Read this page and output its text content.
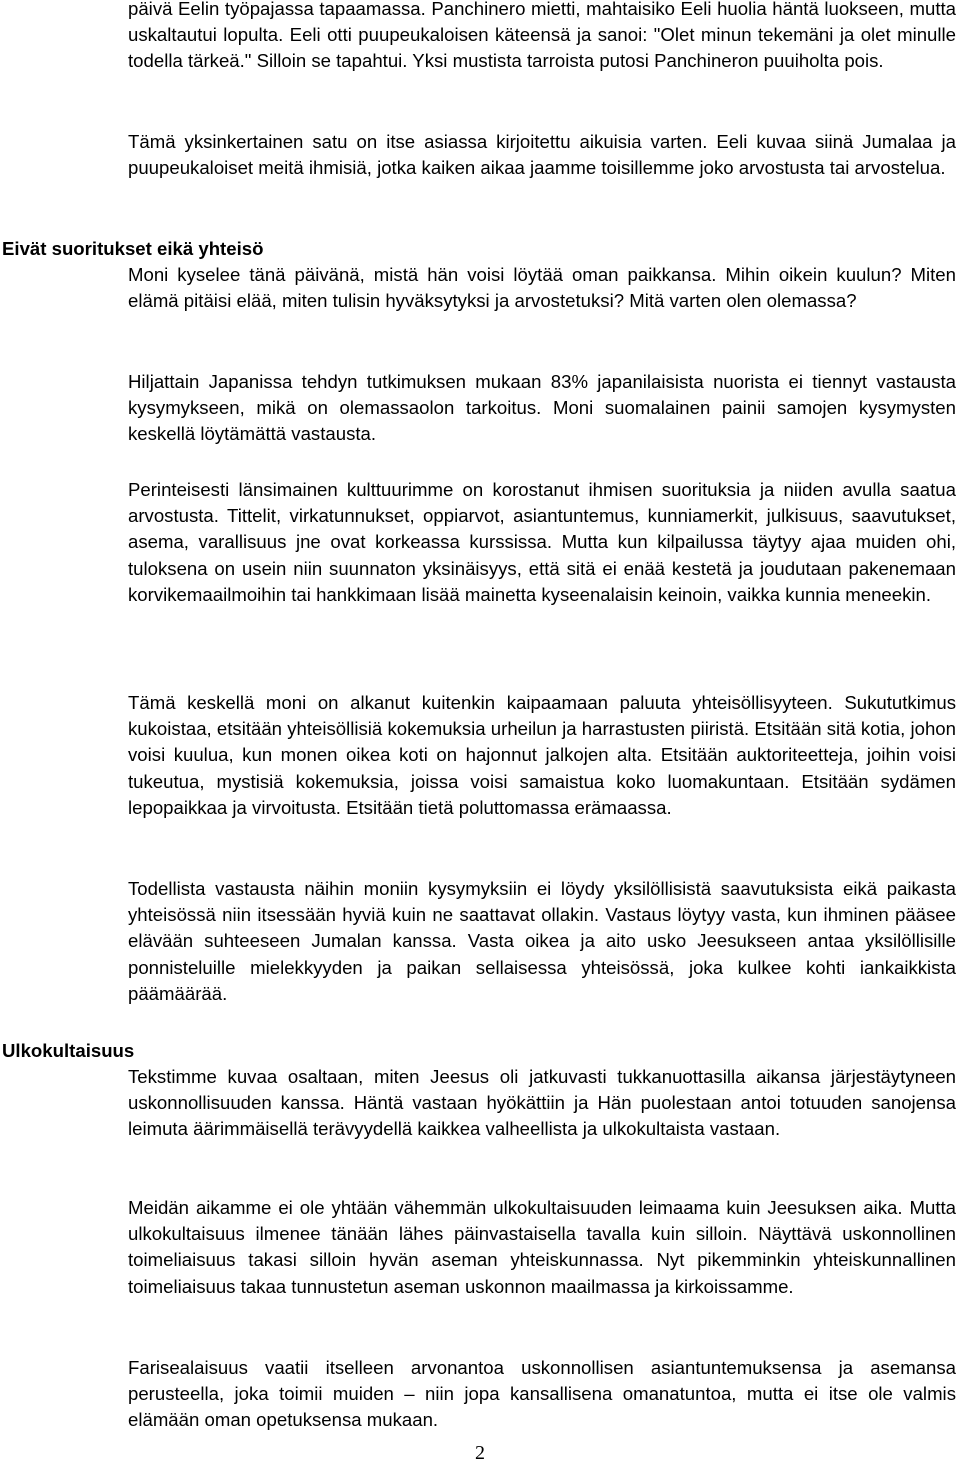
päivä Eelin työpajassa tapaamassa. Panchinero mietti, mahtaisiko Eeli huolia häntä luokseen, mutta uskaltautui lopulta. Eeli otti puupeukaloisen käteensä ja sanoi: "Olet minun tekemäni ja olet minulle todella tärkeä." Silloin se tapahtui. Yksi mustista tarroista putosi Panchineron puuiholta pois.

Tämä yksinkertainen satu on itse asiassa kirjoitettu aikuisia varten. Eeli kuvaa siinä Jumalaa ja puupeukaloiset meitä ihmisiä, jotka kaiken aikaa jaamme toisillemme joko arvostusta tai arvostelua.

Eivät suoritukset eikä yhteisö

Moni kyselee tänä päivänä, mistä hän voisi löytää oman paikkansa. Mihin oikein kuulun? Miten elämä pitäisi elää, miten tulisin hyväksytyksi ja arvostetuksi? Mitä varten olen olemassa?

Hiljattain Japanissa tehdyn tutkimuksen mukaan 83% japanilaisista nuorista ei tiennyt vastausta kysymykseen, mikä on olemassaolon tarkoitus. Moni suomalainen painii samojen kysymysten keskellä löytämättä vastausta.

Perinteisesti länsimainen kulttuurimme on korostanut ihmisen suorituksia ja niiden avulla saatua arvostusta. Tittelit, virkatunnukset, oppiarvot, asiantuntemus, kunniamerkit, julkisuus, saavutukset, asema, varallisuus jne ovat korkeassa kurssissa. Mutta kun kilpailussa täytyy ajaa muiden ohi, tuloksena on usein niin suunnaton yksinäisyys, että sitä ei enää kestetä ja joudutaan pakenemaan korvikemaailmoihin tai hankkimaan lisää mainetta kyseenalaisin keinoin, vaikka kunnia meneekin.

Tämä keskellä moni on alkanut kuitenkin kaipaamaan paluuta yhteisöllisyyteen. Sukututkimus kukoistaa, etsitään yhteisöllisiä kokemuksia urheilun ja harrastusten piiristä. Etsitään sitä kotia, johon voisi kuulua, kun monen oikea koti on hajonnut jalkojen alta. Etsitään auktoriteetteja, joihin voisi tukeutua, mystisiä kokemuksia, joissa voisi samaistua koko luomakuntaan. Etsitään sydämen lepopaikkaa ja virvoitusta. Etsitään tietä poluttomassa erämaassa.

Todellista vastausta näihin moniin kysymyksiin ei löydy yksilöllisistä saavutuksista eikä paikasta yhteisössä niin itsessään hyviä kuin ne saattavat ollakin. Vastaus löytyy vasta, kun ihminen pääsee elävään suhteeseen Jumalan kanssa. Vasta oikea ja aito usko Jeesukseen antaa yksilöllisille ponnisteluille mielekkyyden ja paikan sellaisessa yhteisössä, joka kulkee kohti iankaikkista päämäärää.

Ulkokultaisuus

Tekstimme kuvaa osaltaan, miten Jeesus oli jatkuvasti tukkanuottasilla aikansa järjestäytyneen uskonnollisuuden kanssa. Häntä vastaan hyökättiin ja Hän puolestaan antoi totuuden sanojensa leimuta äärimmäisellä terävyydellä kaikkea valheellista ja ulkokultaista vastaan.

Meidän aikamme ei ole yhtään vähemmän ulkokultaisuuden leimaama kuin Jeesuksen aika. Mutta ulkokultaisuus ilmenee tänään lähes päinvastaisella tavalla kuin silloin. Näyttävä uskonnollinen toimeliaisuus takasi silloin hyvän aseman yhteiskunnassa. Nyt pikemminkin yhteiskunnallinen toimeliaisuus takaa tunnustetun aseman uskonnon maailmassa ja kirkoissamme.

Farisealaisuus vaatii itselleen arvonantoa uskonnollisen asiantuntemuksensa ja asemansa perusteella, joka toimii muiden – niin jopa kansallisena omanatuntoa, mutta ei itse ole valmis elämään oman opetuksensa mukaan.

2
